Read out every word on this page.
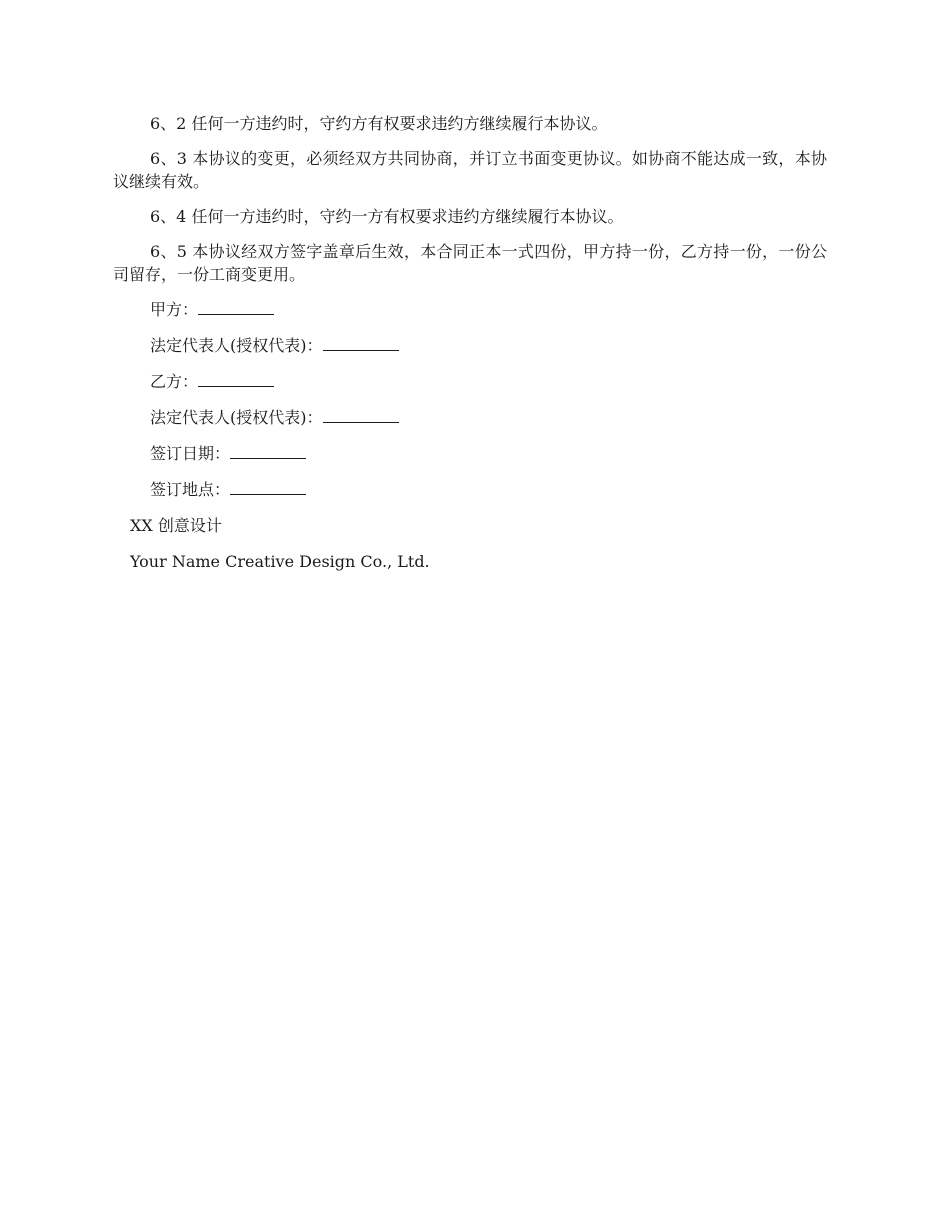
6、2 任何一方违约时，守约方有权要求违约方继续履行本协议。

6、3 本协议的变更，必须经双方共同协商，并订立书面变更协议。如协商不能达成一致，本协议继续有效。

6、4 任何一方违约时，守约一方有权要求违约方继续履行本协议。

6、5 本协议经双方签字盖章后生效，本合同正本一式四份，甲方持一份，乙方持一份，一份公司留存，一份工商变更用。

甲方：
法定代表人(授权代表)：
乙方：
法定代表人(授权代表)：
签订日期：
签订地点：
XX 创意设计
Your Name Creative Design Co., Ltd.
